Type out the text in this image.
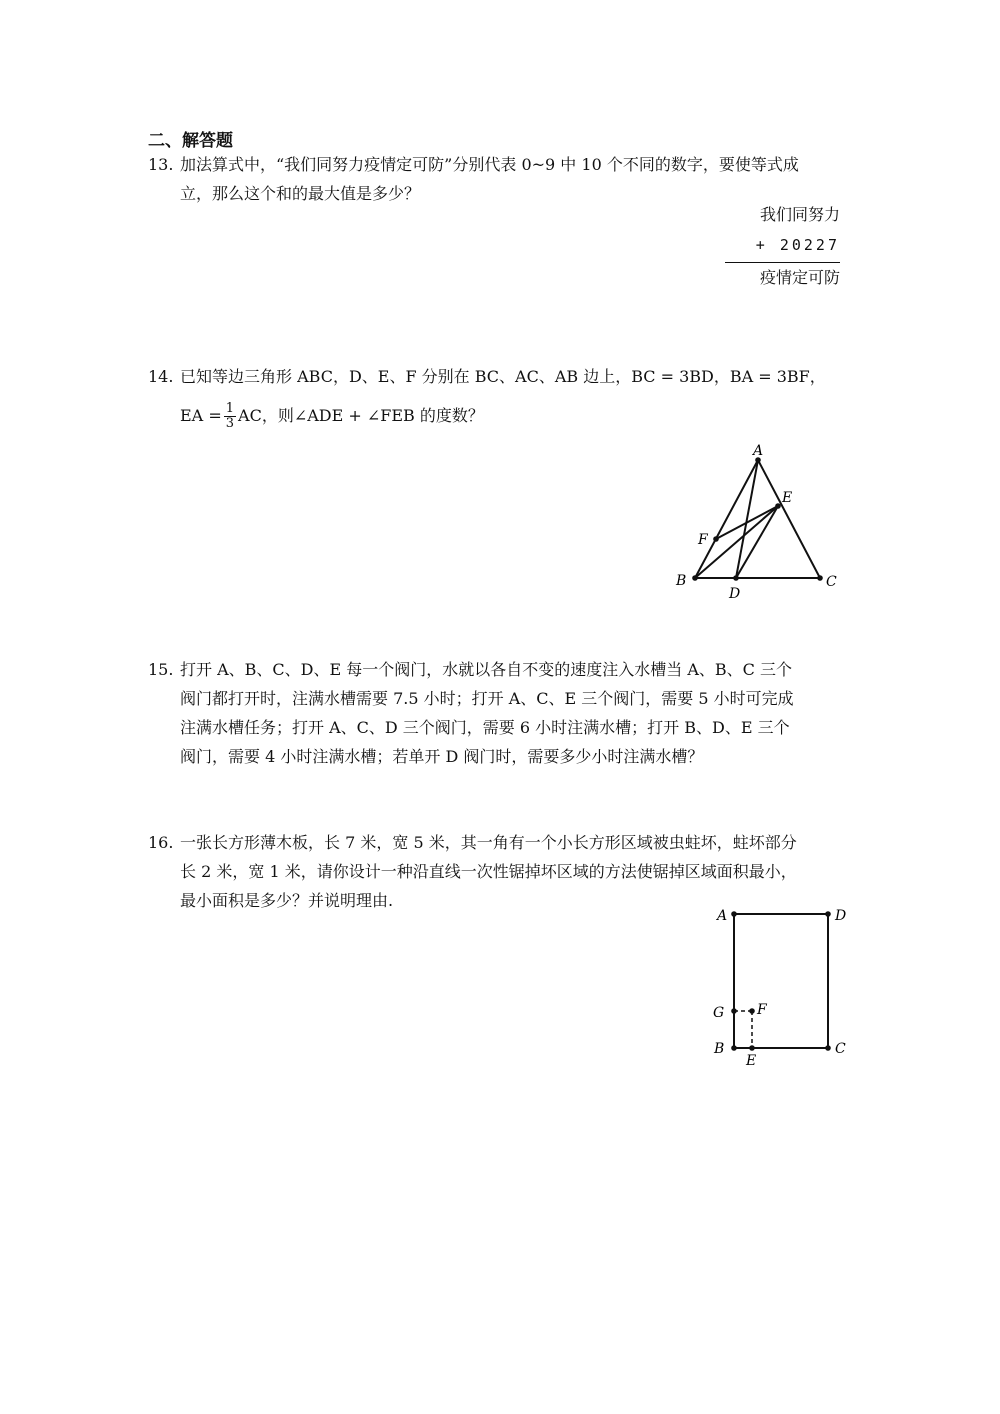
二、解答题
13. 加法算式中，“我们同努力疫情定可防”分别代表 0~9 中 10 个不同的数字，要使等式成
立，那么这个和的最大值是多少？
我们同努力
+ 20227
疫情定可防
14. 已知等边三角形 ABC，D、E、F 分别在 BC、AC、AB 边上，BC = 3BD，BA = 3BF，
EA = $\frac{1}{3}$ AC，则∠ADE + ∠FEB 的度数？
A
B	C
D
E
F
15. 打开 A、B、C、D、E 每一个阀门，水就以各自不变的速度注入水槽当 A、B、C 三个
阀门都打开时，注满水槽需要 7.5 小时；打开 A、C、E 三个阀门，需要 5 小时可完成
注满水槽任务；打开 A、C、D 三个阀门，需要 6 小时注满水槽；打开 B、D、E 三个
阀门，需要 4 小时注满水槽；若单开 D 阀门时，需要多少小时注满水槽？
16. 一张长方形薄木板，长 7 米，宽 5 米，其一角有一个小长方形区域被虫蛀坏，蛀坏部分
长 2 米，宽 1 米，请你设计一种沿直线一次性锯掉坏区域的方法使锯掉区域面积最小，
最小面积是多少？并说明理由.
A	D
B	C
E
G F
